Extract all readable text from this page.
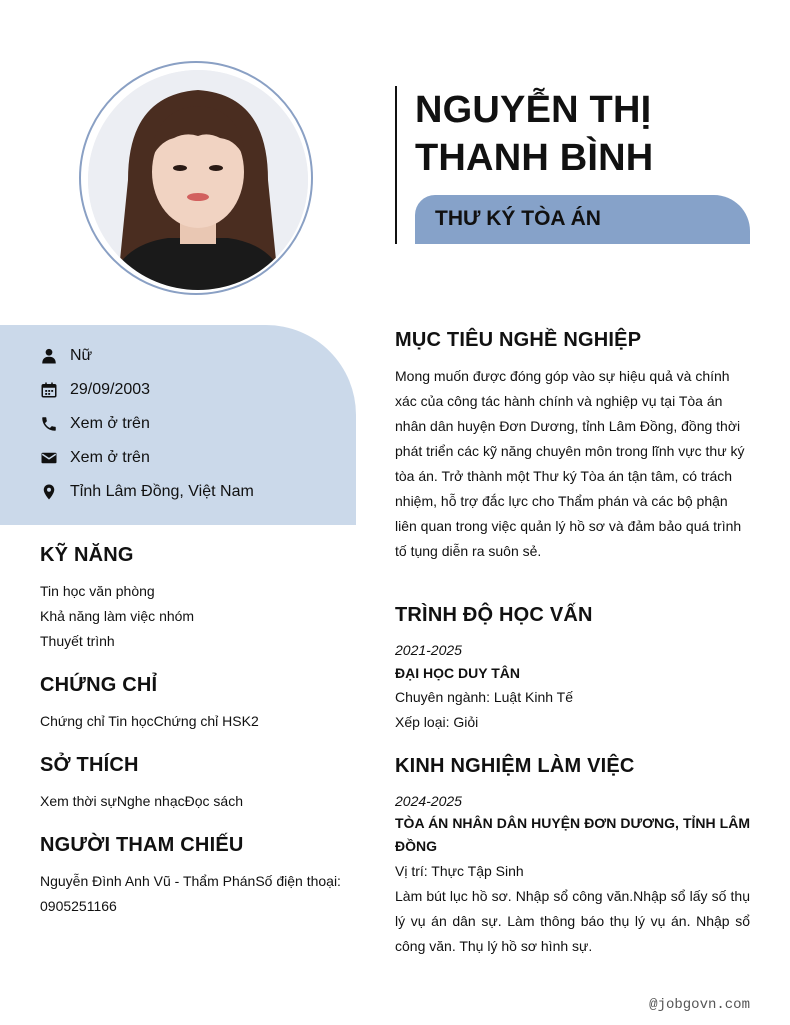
NGUYỄN THỊ
THANH BÌNH
THƯ KÝ TÒA ÁN
Nữ
29/09/2003
Xem ở trên
Xem ở trên
Tỉnh Lâm Đồng, Việt Nam
KỸ NĂNG
Tin học văn phòng
Khả năng làm việc nhóm
Thuyết trình
CHỨNG CHỈ
Chứng chỉ Tin họcChứng chỉ HSK2
SỞ THÍCH
Xem thời sựNghe nhạcĐọc sách
NGƯỜI THAM CHIẾU
Nguyễn Đình Anh Vũ - Thẩm PhánSố điện thoại:
0905251166
MỤC TIÊU NGHỀ NGHIỆP

Mong muốn được đóng góp vào sự hiệu quả và chính xác của công tác hành chính và nghiệp vụ tại Tòa án nhân dân huyện Đơn Dương, tỉnh Lâm Đồng, đồng thời phát triển các kỹ năng chuyên môn trong lĩnh vực thư ký tòa án. Trở thành một Thư ký Tòa án tận tâm, có trách nhiệm, hỗ trợ đắc lực cho Thẩm phán và các bộ phận liên quan trong việc quản lý hồ sơ và đảm bảo quá trình tố tụng diễn ra suôn sẻ.

TRÌNH ĐỘ HỌC VẤN
2021-2025
ĐẠI HỌC DUY TÂN
Chuyên ngành: Luật Kinh Tế
Xếp loại: Giỏi
KINH NGHIỆM LÀM VIỆC
2024-2025

TÒA ÁN NHÂN DÂN HUYỆN ĐƠN DƯƠNG, TỈNH LÂM ĐỒNG

Vị trí: Thực Tập Sinh

Làm bút lục hồ sơ. Nhập sổ công văn.Nhập sổ lấy số thụ lý vụ án dân sự. Làm thông báo thụ lý vụ án. Nhập sổ công văn. Thụ lý hồ sơ hình sự.

@jobgovn.com
